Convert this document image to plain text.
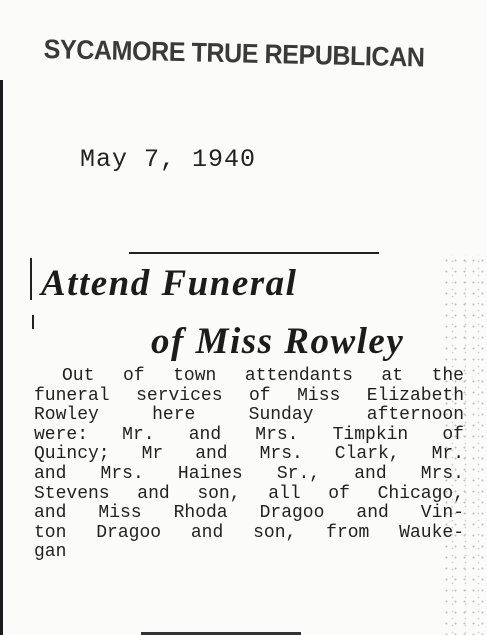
SYCAMORE TRUE REPUBLICAN
May 7, 1940
Attend Funeral
of Miss Rowley
Out of town attendants at the
funeral services of Miss Elizabeth
Rowley  here  Sunday  afternoon
were: Mr. and Mrs. Timpkin of
Quincy; Mr and Mrs. Clark, Mr.
and Mrs. Haines Sr., and Mrs.
Stevens and son, all of Chicago,
and Miss Rhoda Dragoo and Vin-
ton Dragoo and son, from Wauke-
gan
